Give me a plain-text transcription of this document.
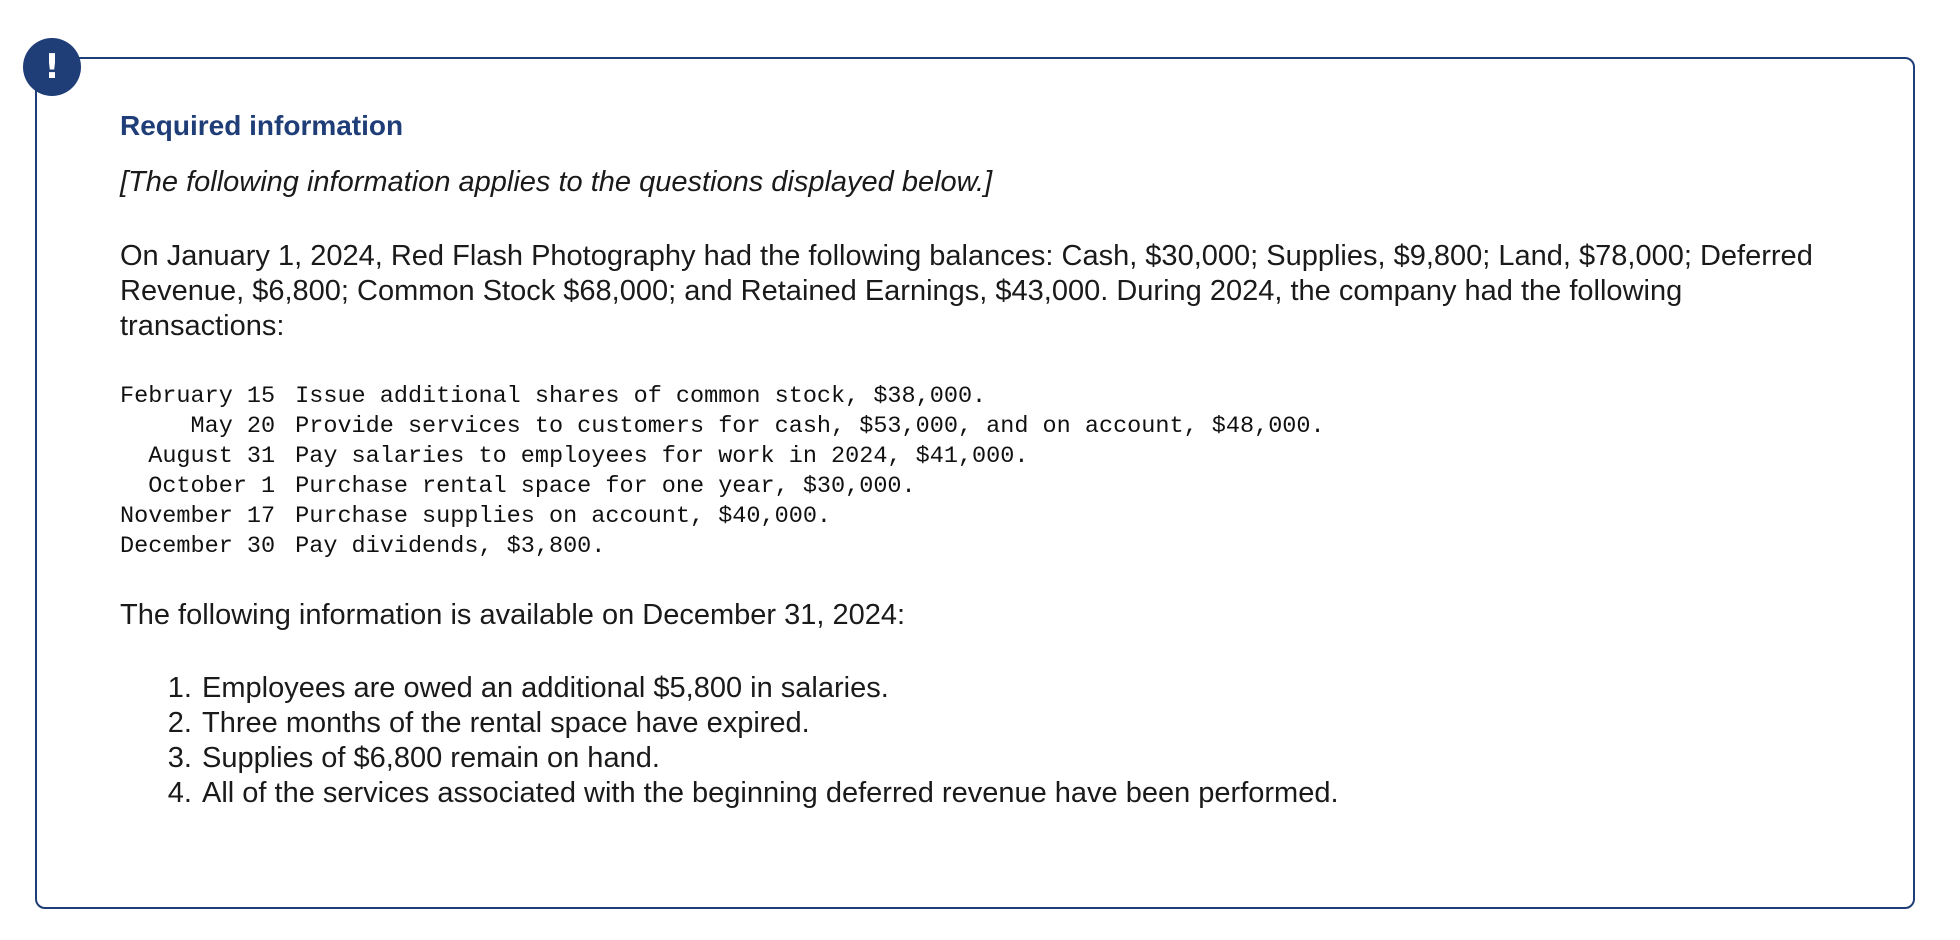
!
Required information

[The following information applies to the questions displayed below.]

On January 1, 2024, Red Flash Photography had the following balances: Cash, $30,000; Supplies, $9,800; Land, $78,000; Deferred Revenue, $6,800; Common Stock $68,000; and Retained Earnings, $43,000. During 2024, the company had the following transactions:

February 15	Issue additional shares of common stock, $38,000.
May 20	Provide services to customers for cash, $53,000, and on account, $48,000.
August 31	Pay salaries to employees for work in 2024, $41,000.
October 1	Purchase rental space for one year, $30,000.
November 17	Purchase supplies on account, $40,000.
December 30	Pay dividends, $3,800.

The following information is available on December 31, 2024:

1. Employees are owed an additional $5,800 in salaries.
2. Three months of the rental space have expired.
3. Supplies of $6,800 remain on hand.
4. All of the services associated with the beginning deferred revenue have been performed.
